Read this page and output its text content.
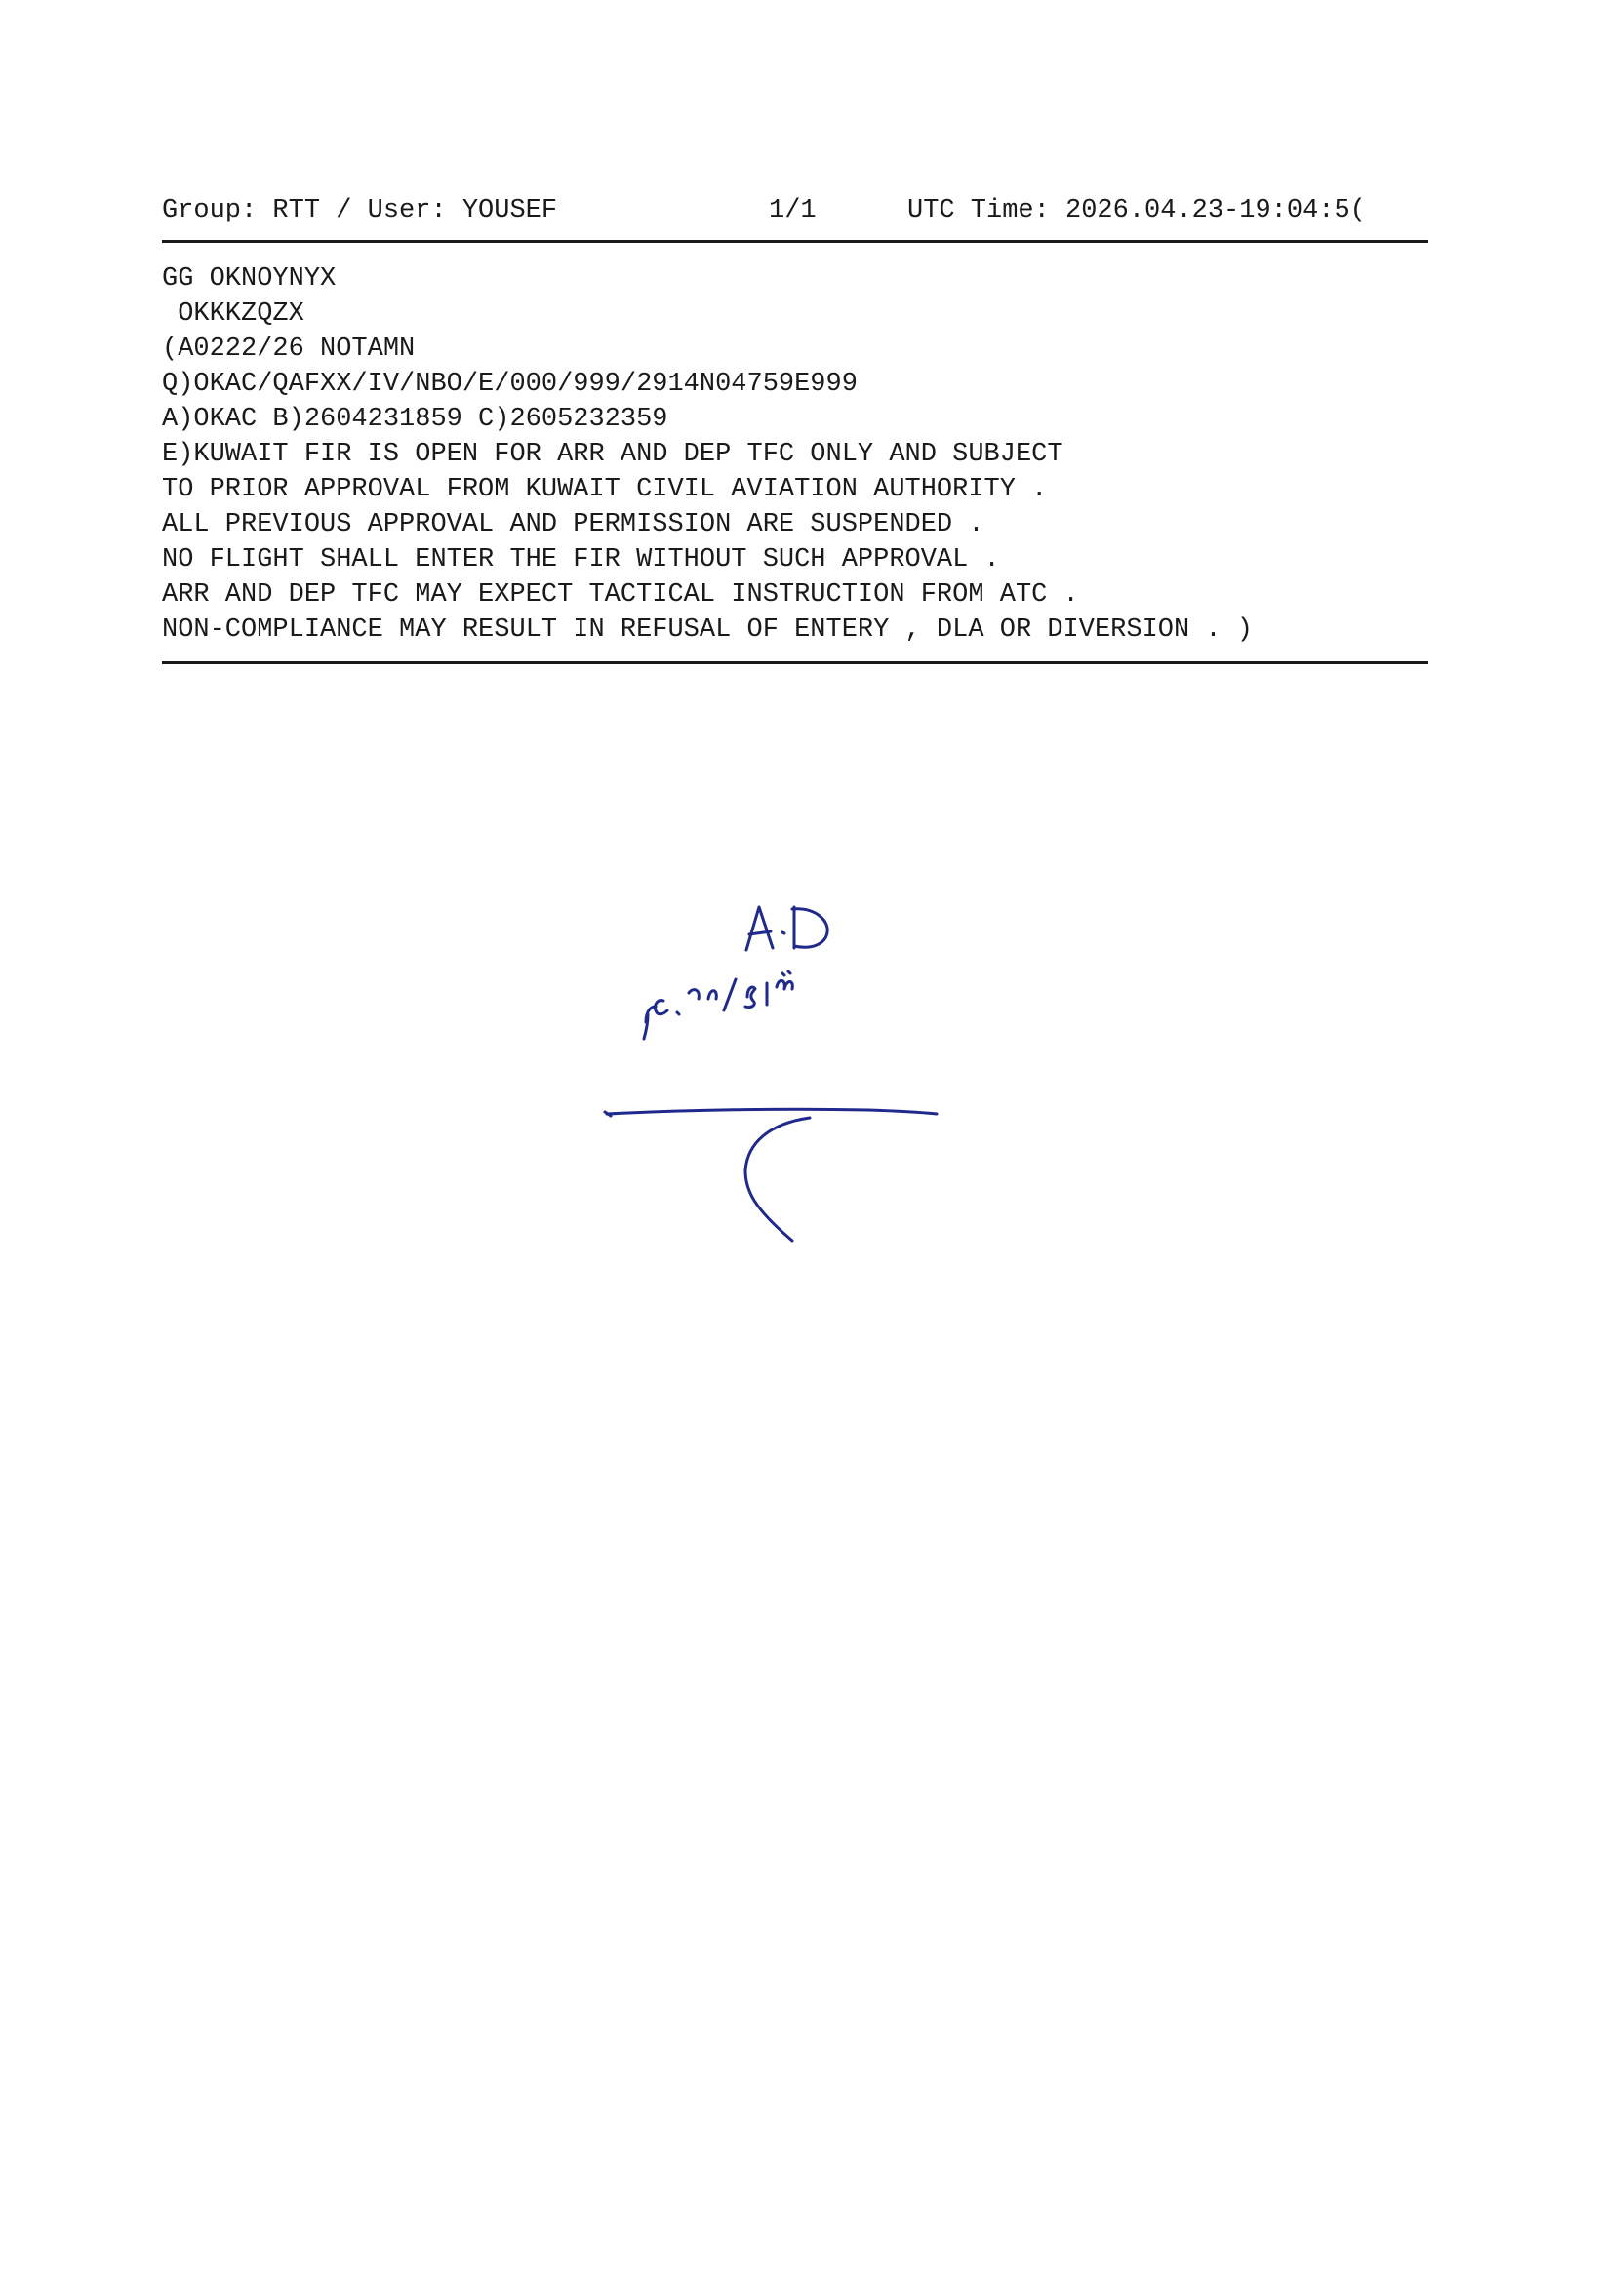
Group: RTT / User: YOUSEF

	1/1

	UTC Time: 2026.04.23-19:04:5(

GG OKNOYNYX
OKKKZQZX
(A0222/26 NOTAMN
Q)OKAC/QAFXX/IV/NBO/E/000/999/2914N04759E999
A)OKAC B)2604231859 C)2605232359
E)KUWAIT FIR IS OPEN FOR ARR AND DEP TFC ONLY AND SUBJECT
TO PRIOR APPROVAL FROM KUWAIT CIVIL AVIATION AUTHORITY .
ALL PREVIOUS APPROVAL AND PERMISSION ARE SUSPENDED .
NO FLIGHT SHALL ENTER THE FIR WITHOUT SUCH APPROVAL .
ARR AND DEP TFC MAY EXPECT TACTICAL INSTRUCTION FROM ATC .
NON-COMPLIANCE MAY RESULT IN REFUSAL OF ENTERY , DLA OR DIVERSION . )
